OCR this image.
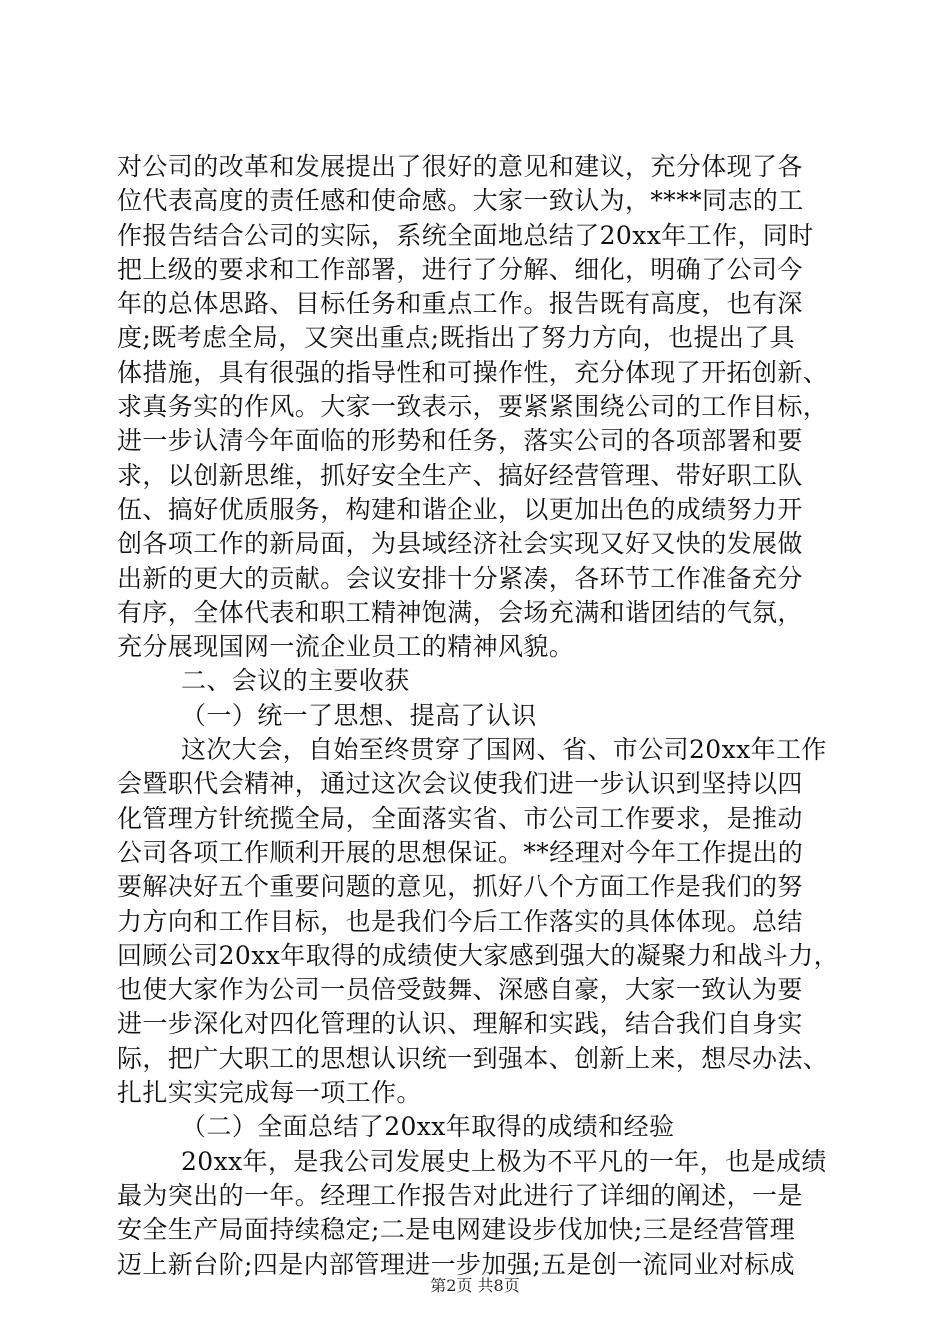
对公司的改革和发展提出了很好的意见和建议，充分体现了各
位代表高度的责任感和使命感。大家一致认为，****同志的工
作报告结合公司的实际，系统全面地总结了20xx年工作，同时
把上级的要求和工作部署，进行了分解、细化，明确了公司今
年的总体思路、目标任务和重点工作。报告既有高度，也有深
度;既考虑全局，又突出重点;既指出了努力方向，也提出了具
体措施，具有很强的指导性和可操作性，充分体现了开拓创新、
求真务实的作风。大家一致表示，要紧紧围绕公司的工作目标，
进一步认清今年面临的形势和任务，落实公司的各项部署和要
求，以创新思维，抓好安全生产、搞好经营管理、带好职工队
伍、搞好优质服务，构建和谐企业，以更加出色的成绩努力开
创各项工作的新局面，为县域经济社会实现又好又快的发展做
出新的更大的贡献。会议安排十分紧凑，各环节工作准备充分
有序，全体代表和职工精神饱满，会场充满和谐团结的气氛，
充分展现国网一流企业员工的精神风貌。
二、会议的主要收获
（一）统一了思想、提高了认识
这次大会，自始至终贯穿了国网、省、市公司20xx年工作
会暨职代会精神，通过这次会议使我们进一步认识到坚持以四
化管理方针统揽全局，全面落实省、市公司工作要求，是推动
公司各项工作顺利开展的思想保证。**经理对今年工作提出的
要解决好五个重要问题的意见，抓好八个方面工作是我们的努
力方向和工作目标，也是我们今后工作落实的具体体现。总结
回顾公司20xx年取得的成绩使大家感到强大的凝聚力和战斗力，
也使大家作为公司一员倍受鼓舞、深感自豪，大家一致认为要
进一步深化对四化管理的认识、理解和实践，结合我们自身实
际，把广大职工的思想认识统一到强本、创新上来，想尽办法、
扎扎实实完成每一项工作。
（二）全面总结了20xx年取得的成绩和经验
20xx年，是我公司发展史上极为不平凡的一年，也是成绩
最为突出的一年。经理工作报告对此进行了详细的阐述，一是
安全生产局面持续稳定;二是电网建设步伐加快;三是经营管理
迈上新台阶;四是内部管理进一步加强;五是创一流同业对标成
第2页 共8页
